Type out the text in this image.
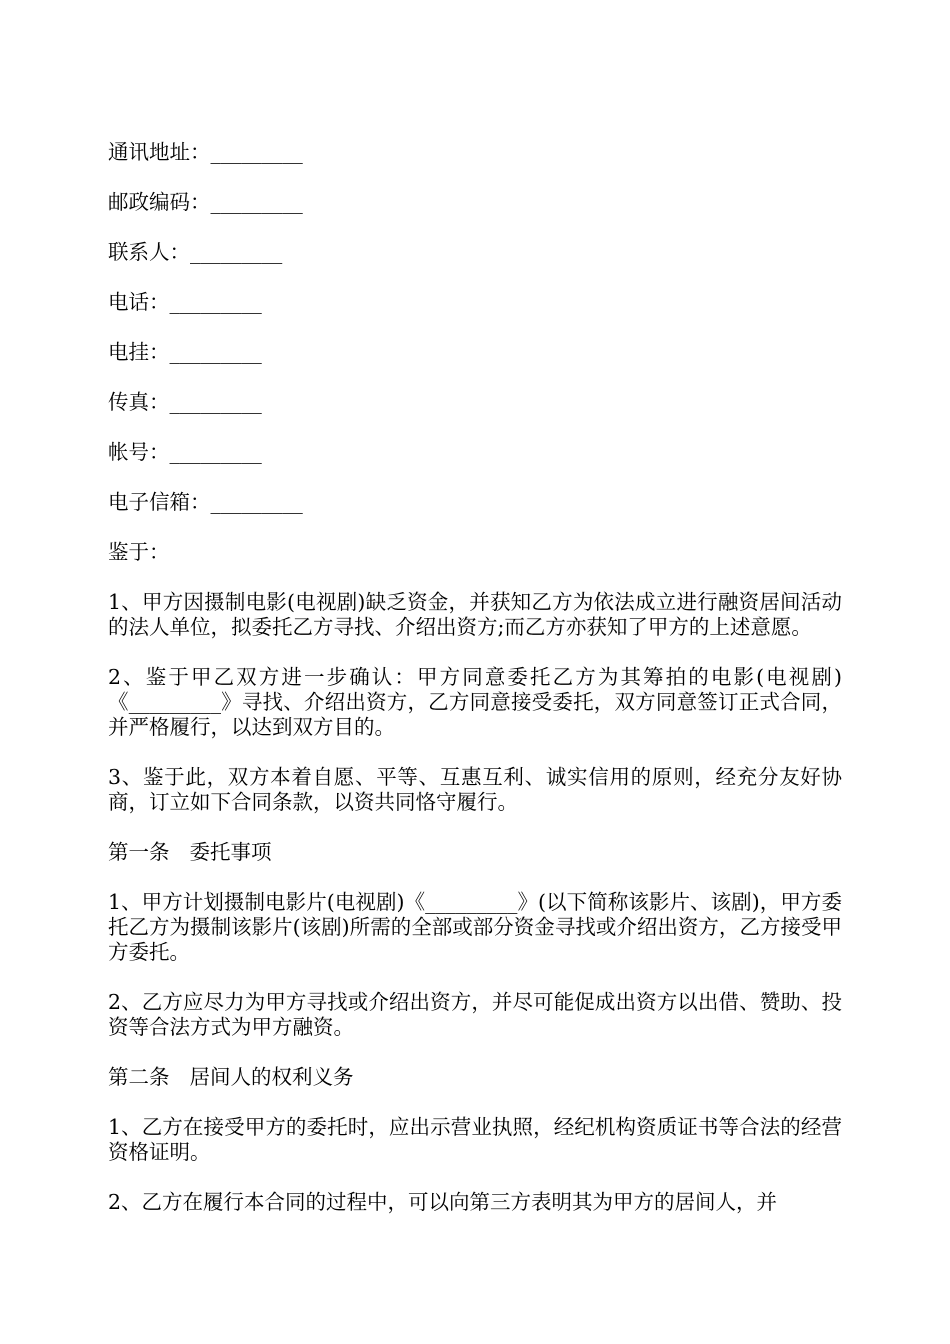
通讯地址：_________

邮政编码：_________

联系人：_________

电话：_________

电挂：_________

传真：_________

帐号：_________

电子信箱：_________

鉴于：

1、甲方因摄制电影(电视剧)缺乏资金，并获知乙方为依法成立进行融资居间活动的法人单位，拟委托乙方寻找、介绍出资方;而乙方亦获知了甲方的上述意愿。

2、鉴于甲乙双方进一步确认：甲方同意委托乙方为其筹拍的电影(电视剧)《_________》寻找、介绍出资方，乙方同意接受委托，双方同意签订正式合同，并严格履行，以达到双方目的。

3、鉴于此，双方本着自愿、平等、互惠互利、诚实信用的原则，经充分友好协商，订立如下合同条款，以资共同恪守履行。

第一条 委托事项

1、甲方计划摄制电影片(电视剧)《_________》(以下简称该影片、该剧)，甲方委托乙方为摄制该影片(该剧)所需的全部或部分资金寻找或介绍出资方，乙方接受甲方委托。

2、乙方应尽力为甲方寻找或介绍出资方，并尽可能促成出资方以出借、赞助、投资等合法方式为甲方融资。

第二条 居间人的权利义务

1、乙方在接受甲方的委托时，应出示营业执照，经纪机构资质证书等合法的经营资格证明。

2、乙方在履行本合同的过程中，可以向第三方表明其为甲方的居间人，并
